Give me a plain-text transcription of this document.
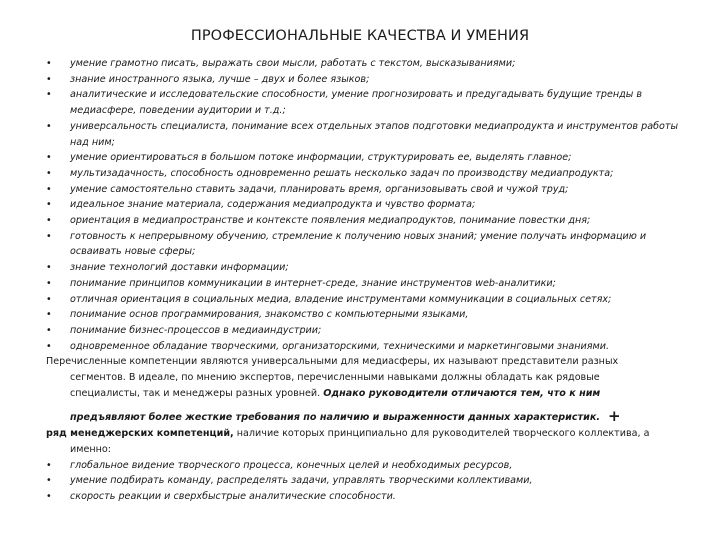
ПРОФЕССИОНАЛЬНЫЕ КАЧЕСТВА И УМЕНИЯ
• умение грамотно писать, выражать свои мысли, работать с текстом, высказываниями;
• знание иностранного языка, лучше – двух и более языков;
• аналитические и исследовательские способности, умение прогнозировать и предугадывать будущие тренды в медиасфере, поведении аудитории и т.д.;
• универсальность специалиста, понимание всех отдельных этапов подготовки медиапродукта и инструментов работы над ним;
• умение ориентироваться в большом потоке информации, структурировать ее, выделять главное;
• мультизадачность, способность одновременно решать несколько задач по производству медиапродукта;
• умение самостоятельно ставить задачи, планировать время, организовывать свой и чужой труд;
• идеальное знание материала, содержания медиапродукта и чувство формата;
• ориентация в медиапространстве и контексте появления медиапродуктов, понимание повестки дня;
• готовность к непрерывному обучению, стремление к получению новых знаний; умение получать информацию и осваивать новые сферы;
• знание технологий доставки информации;
• понимание принципов коммуникации в интернет-среде, знание инструментов web-аналитики;
• отличная ориентация в социальных медиа, владение инструментами коммуникации в социальных сетях;
• понимание основ программирования, знакомство с компьютерными языками,
• понимание бизнес-процессов в медиаиндустрии;
• одновременное обладание творческими, организаторскими, техническими и маркетинговыми знаниями.
Перечисленные компетенции являются универсальными для медиасферы, их называют представители разных
сегментов. В идеале, по мнению экспертов, перечисленными навыками должны обладать как рядовые
специалисты, так и менеджеры разных уровней. Однако руководители отличаются тем, что к ним
предъявляют более жесткие требования по наличию и выраженности данных характеристик. +
ряд менеджерских компетенций, наличие которых принципиально для руководителей творческого коллектива, а
именно:
• глобальное видение творческого процесса, конечных целей и необходимых ресурсов,
• умение подбирать команду, распределять задачи, управлять творческими коллективами,
• скорость реакции и сверхбыстрые аналитические способности.
